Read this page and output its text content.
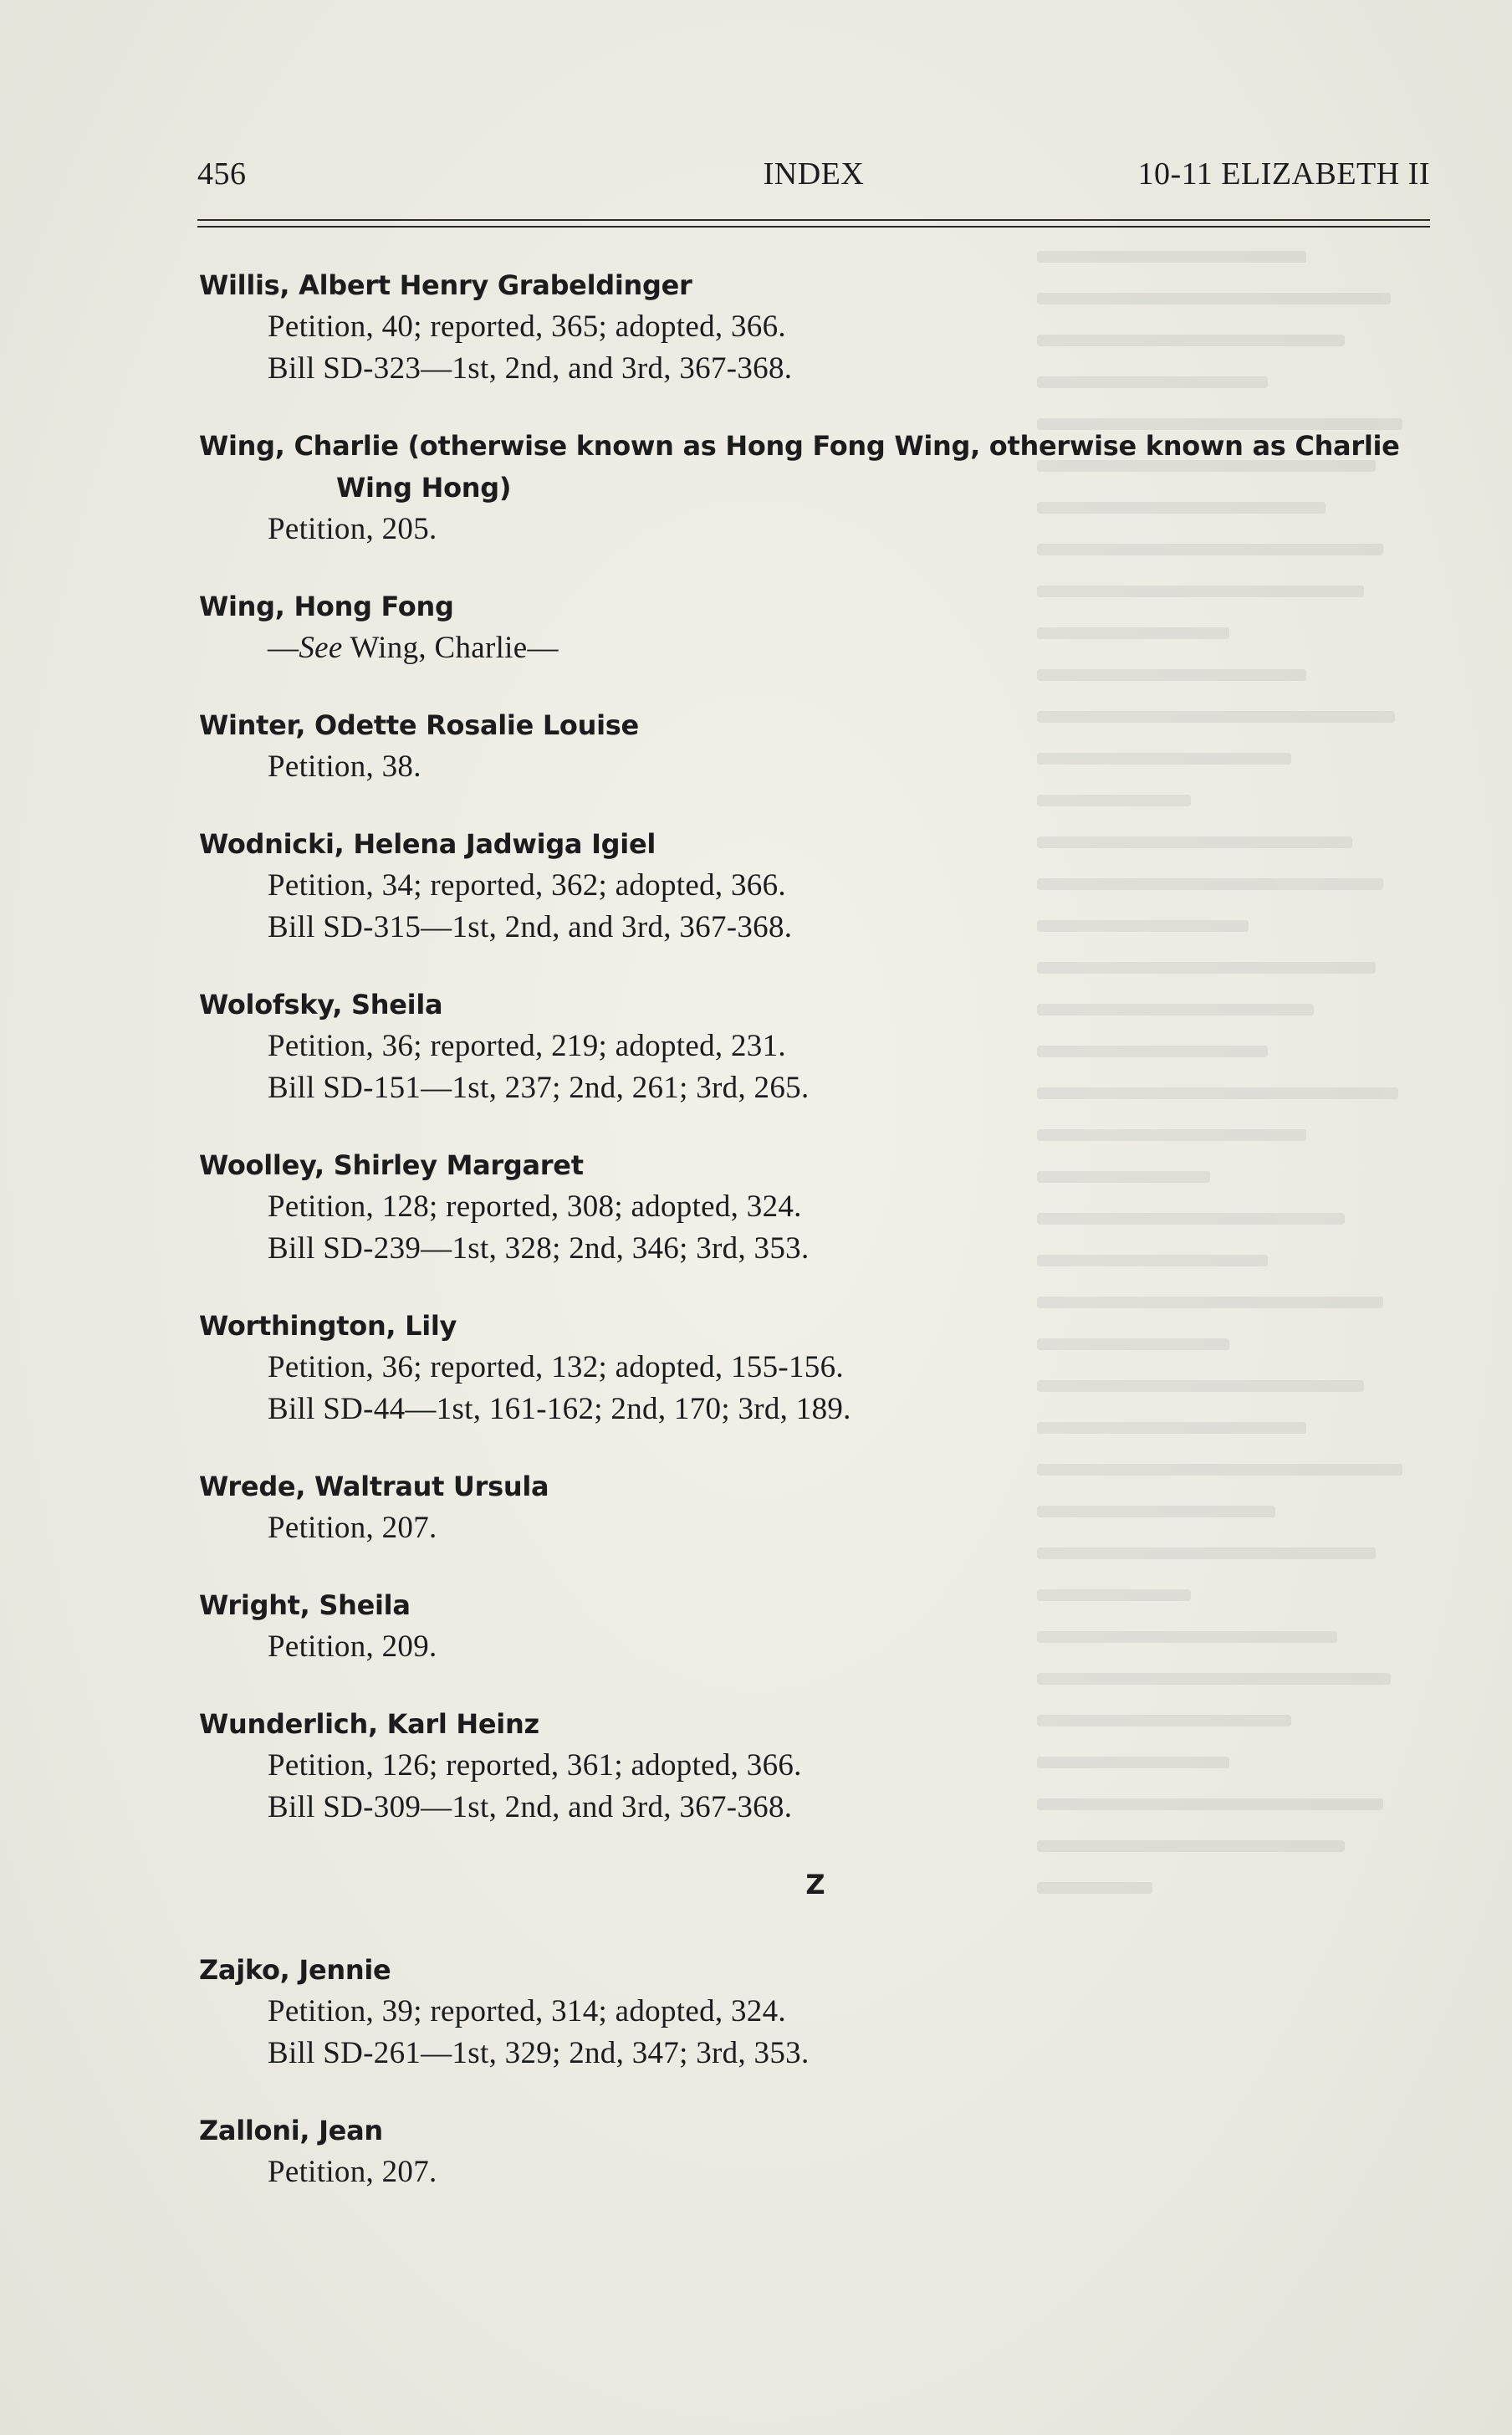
456	INDEX	10-11 ELIZABETH II
Willis, Albert Henry Grabeldinger
Petition, 40; reported, 365; adopted, 366.
Bill SD-323—1st, 2nd, and 3rd, 367-368.
Wing, Charlie (otherwise known as Hong Fong Wing, otherwise known as Charlie
Wing Hong)
Petition, 205.
Wing, Hong Fong
—See Wing, Charlie—
Winter, Odette Rosalie Louise
Petition, 38.
Wodnicki, Helena Jadwiga Igiel
Petition, 34; reported, 362; adopted, 366.
Bill SD-315—1st, 2nd, and 3rd, 367-368.
Wolofsky, Sheila
Petition, 36; reported, 219; adopted, 231.
Bill SD-151—1st, 237; 2nd, 261; 3rd, 265.
Woolley, Shirley Margaret
Petition, 128; reported, 308; adopted, 324.
Bill SD-239—1st, 328; 2nd, 346; 3rd, 353.
Worthington, Lily
Petition, 36; reported, 132; adopted, 155-156.
Bill SD-44—1st, 161-162; 2nd, 170; 3rd, 189.
Wrede, Waltraut Ursula
Petition, 207.
Wright, Sheila
Petition, 209.
Wunderlich, Karl Heinz
Petition, 126; reported, 361; adopted, 366.
Bill SD-309—1st, 2nd, and 3rd, 367-368.
Z
Zajko, Jennie
Petition, 39; reported, 314; adopted, 324.
Bill SD-261—1st, 329; 2nd, 347; 3rd, 353.
Zalloni, Jean
Petition, 207.
